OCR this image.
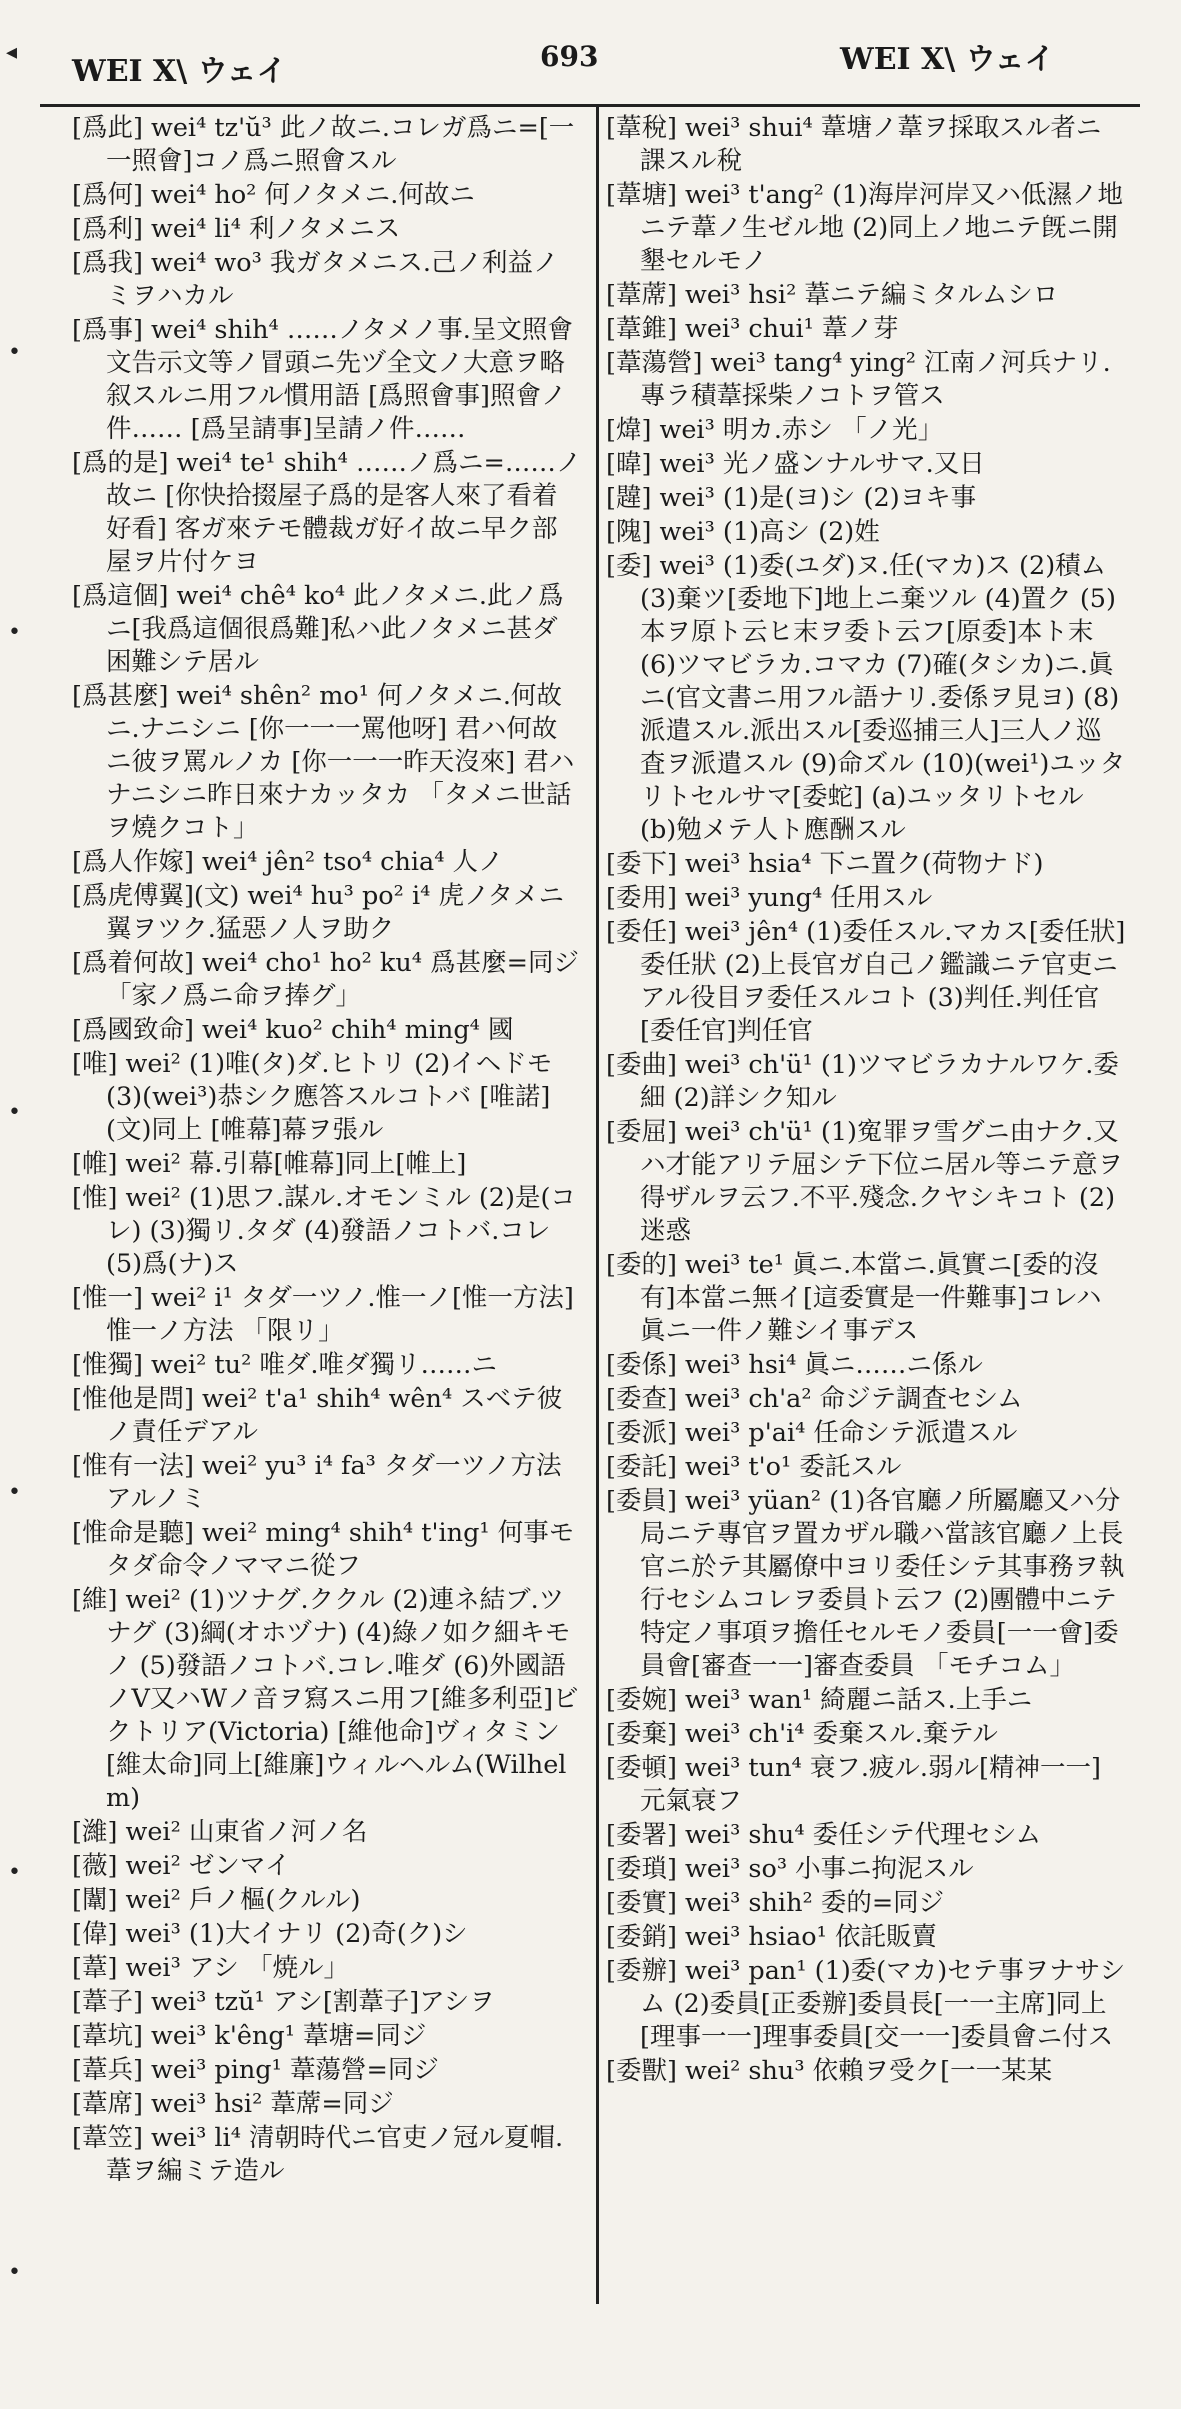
WEI X\ ウェイ	693	WEI X\ ウェイ
◂
•
•
•
•
•
•
[爲此] wei⁴ tz'ŭ³ 此ノ故ニ.コレガ爲ニ=[一一照會]コノ爲ニ照會スル
[爲何] wei⁴ ho² 何ノタメニ.何故ニ
[爲利] wei⁴ li⁴ 利ノタメニス
[爲我] wei⁴ wo³ 我ガタメニス.己ノ利益ノミヲハカル
[爲事] wei⁴ shih⁴ ……ノタメノ事.呈文照會文告示文等ノ冒頭ニ先ヅ全文ノ大意ヲ略叙スルニ用フル慣用語 [爲照會事]照會ノ件…… [爲呈請事]呈請ノ件……
[爲的是] wei⁴ te¹ shih⁴ ……ノ爲ニ=……ノ故ニ [你快拾掇屋子爲的是客人來了看着好看] 客ガ來テモ體裁ガ好イ故ニ早ク部屋ヲ片付ケヨ
[爲這個] wei⁴ chê⁴ ko⁴ 此ノタメニ.此ノ爲ニ[我爲這個很爲難]私ハ此ノタメニ甚ダ困難シテ居ル
[爲甚麼] wei⁴ shên² mo¹ 何ノタメニ.何故ニ.ナニシニ [你一一一罵他呀] 君ハ何故ニ彼ヲ罵ルノカ [你一一一昨天沒來] 君ハナニシニ昨日來ナカッタカ 「タメニ世話ヲ燒クコト」
[爲人作嫁] wei⁴ jên² tso⁴ chia⁴ 人ノ
[爲虎傅翼](文) wei⁴ hu³ po² i⁴ 虎ノタメニ翼ヲツク.猛惡ノ人ヲ助ク
[爲着何故] wei⁴ cho¹ ho² ku⁴ 爲甚麼=同ジ 「家ノ爲ニ命ヲ捧グ」
[爲國致命] wei⁴ kuo² chih⁴ ming⁴ 國
[唯] wei² (1)唯(タ)ダ.ヒトリ (2)イヘドモ (3)(wei³)恭シク應答スルコトバ [唯諾](文)同上 [帷幕]幕ヲ張ル
[帷] wei² 幕.引幕[帷幕]同上[帷上]
[惟] wei² (1)思フ.謀ル.オモンミル (2)是(コレ) (3)獨リ.タダ (4)發語ノコトバ.コレ (5)爲(ナ)ス
[惟一] wei² i¹ タダ一ツノ.惟一ノ[惟一方法]惟一ノ方法 「限リ」
[惟獨] wei² tu² 唯ダ.唯ダ獨リ……ニ
[惟他是問] wei² t'a¹ shih⁴ wên⁴ スベテ彼ノ責任デアル
[惟有一法] wei² yu³ i⁴ fa³ タダ一ツノ方法アルノミ
[惟命是聽] wei² ming⁴ shih⁴ t'ing¹ 何事モタダ命令ノママニ從フ
[維] wei² (1)ツナグ.ククル (2)連ネ結ブ.ツナグ (3)綱(オホヅナ) (4)綠ノ如ク細キモノ (5)發語ノコトバ.コレ.唯ダ (6)外國語ノV又ハWノ音ヲ寫スニ用フ[維多利亞]ビクトリア(Victoria) [維他命]ヴィタミン [維太命]同上[維廉]ウィルヘルム(Wilhelm)
[濰] wei² 山東省ノ河ノ名
[薇] wei² ゼンマイ
[闈] wei² 戶ノ樞(クルル)
[偉] wei³ (1)大イナリ (2)奇(ク)シ
[葦] wei³ アシ 「焼ル」
[葦子] wei³ tzŭ¹ アシ[割葦子]アシヲ
[葦坑] wei³ k'êng¹ 葦塘=同ジ
[葦兵] wei³ ping¹ 葦蕩營=同ジ
[葦席] wei³ hsi² 葦蓆=同ジ
[葦笠] wei³ li⁴ 清朝時代ニ官吏ノ冠ル夏帽.葦ヲ編ミテ造ル
[葦稅] wei³ shui⁴ 葦塘ノ葦ヲ採取スル者ニ課スル稅
[葦塘] wei³ t'ang² (1)海岸河岸又ハ低濕ノ地ニテ葦ノ生ゼル地 (2)同上ノ地ニテ旣ニ開墾セルモノ
[葦蓆] wei³ hsi² 葦ニテ編ミタルムシロ
[葦錐] wei³ chui¹ 葦ノ芽
[葦蕩營] wei³ tang⁴ ying² 江南ノ河兵ナリ.專ラ積葦採柴ノコトヲ管ス
[煒] wei³ 明カ.赤シ 「ノ光」
[暐] wei³ 光ノ盛ンナルサマ.又日
[韙] wei³ (1)是(ヨ)シ (2)ヨキ事
[隗] wei³ (1)高シ (2)姓
[委] wei³ (1)委(ユダ)ヌ.任(マカ)ス (2)積ム (3)棄ツ[委地下]地上ニ棄ツル (4)置ク (5)本ヲ原ト云ヒ末ヲ委ト云フ[原委]本ト末 (6)ツマビラカ.コマカ (7)確(タシカ)ニ.眞ニ(官文書ニ用フル語ナリ.委係ヲ見ヨ) (8)派遣スル.派出スル[委巡捕三人]三人ノ巡査ヲ派遣スル (9)命ズル (10)(wei¹)ユッタリトセルサマ[委蛇] (a)ユッタリトセル (b)勉メテ人ト應酬スル
[委下] wei³ hsia⁴ 下ニ置ク(荷物ナド)
[委用] wei³ yung⁴ 任用スル
[委任] wei³ jên⁴ (1)委任スル.マカス[委任狀]委任狀 (2)上長官ガ自己ノ鑑識ニテ官吏ニアル役目ヲ委任スルコト (3)判任.判任官[委任官]判任官
[委曲] wei³ ch'ü¹ (1)ツマビラカナルワケ.委細 (2)詳シク知ル
[委屈] wei³ ch'ü¹ (1)寃罪ヲ雪グニ由ナク.又ハ才能アリテ屈シテ下位ニ居ル等ニテ意ヲ得ザルヲ云フ.不平.殘念.クヤシキコト (2)迷惑
[委的] wei³ te¹ 眞ニ.本當ニ.眞實ニ[委的沒有]本當ニ無イ[這委實是一件難事]コレハ眞ニ一件ノ難シイ事デス
[委係] wei³ hsi⁴ 眞ニ……ニ係ル
[委查] wei³ ch'a² 命ジテ調査セシム
[委派] wei³ p'ai⁴ 任命シテ派遣スル
[委託] wei³ t'o¹ 委託スル
[委員] wei³ yüan² (1)各官廳ノ所屬廳又ハ分局ニテ專官ヲ置カザル職ハ當該官廳ノ上長官ニ於テ其屬僚中ヨリ委任シテ其事務ヲ執行セシムコレヲ委員ト云フ (2)團體中ニテ特定ノ事項ヲ擔任セルモノ委員[一一會]委員會[審查一一]審查委員 「モチコム」
[委婉] wei³ wan¹ 綺麗ニ話ス.上手ニ
[委棄] wei³ ch'i⁴ 委棄スル.棄テル
[委頓] wei³ tun⁴ 衰フ.疲ル.弱ル[精神一一]元氣衰フ
[委署] wei³ shu⁴ 委任シテ代理セシム
[委瑣] wei³ so³ 小事ニ拘泥スル
[委實] wei³ shih² 委的=同ジ
[委銷] wei³ hsiao¹ 依託販賣
[委辦] wei³ pan¹ (1)委(マカ)セテ事ヲナサシム (2)委員[正委辦]委員長[一一主席]同上[理事一一]理事委員[交一一]委員會ニ付ス
[委獸] wei² shu³ 依賴ヲ受ク[一一某某
